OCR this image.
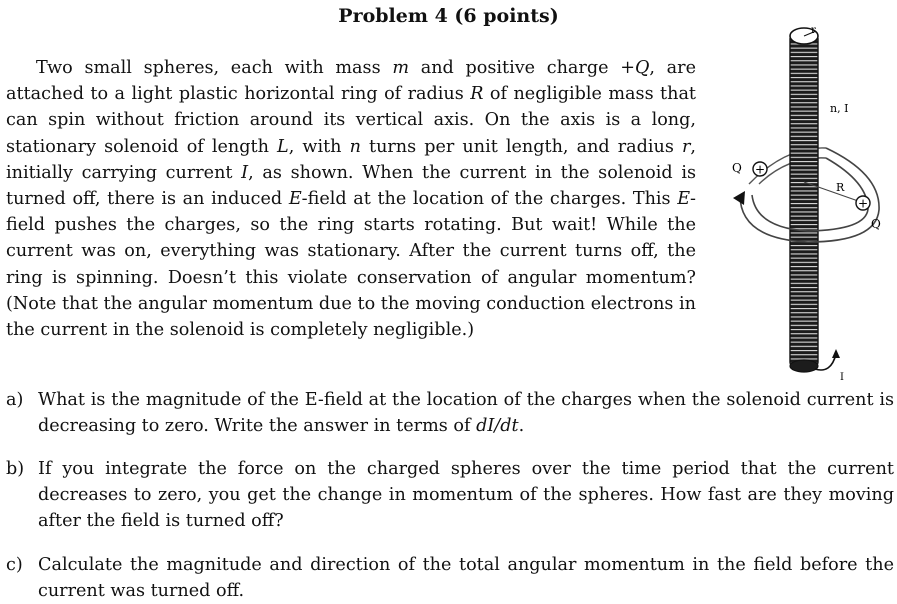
Problem 4 (6 points)

Two small spheres, each with mass m and positive charge +Q, are attached to a light plastic horizontal ring of radius R of negligible mass that can spin without friction around its vertical axis. On the axis is a long, stationary solenoid of length L, with n turns per unit length, and radius r, initially carrying current I, as shown. When the current in the solenoid is turned off, there is an induced E-field at the location of the charges. This E-field pushes the charges, so the ring starts rotating. But wait! While the current was on, everything was stationary. After the current turns off, the ring is spinning. Doesn’t this violate conservation of angular momentum? (Note that the angular momentum due to the moving conduction electrons in the current in the solenoid is completely negligible.)

+
+
r
n, I
Q
R
Q
I
a) What is the magnitude of the E-field at the location of the charges when the solenoid current is decreasing to zero. Write the answer in terms of dI/dt.
b) If you integrate the force on the charged spheres over the time period that the current decreases to zero, you get the change in momentum of the spheres. How fast are they moving after the field is turned off?
c) Calculate the magnitude and direction of the total angular momentum in the field before the current was turned off.
